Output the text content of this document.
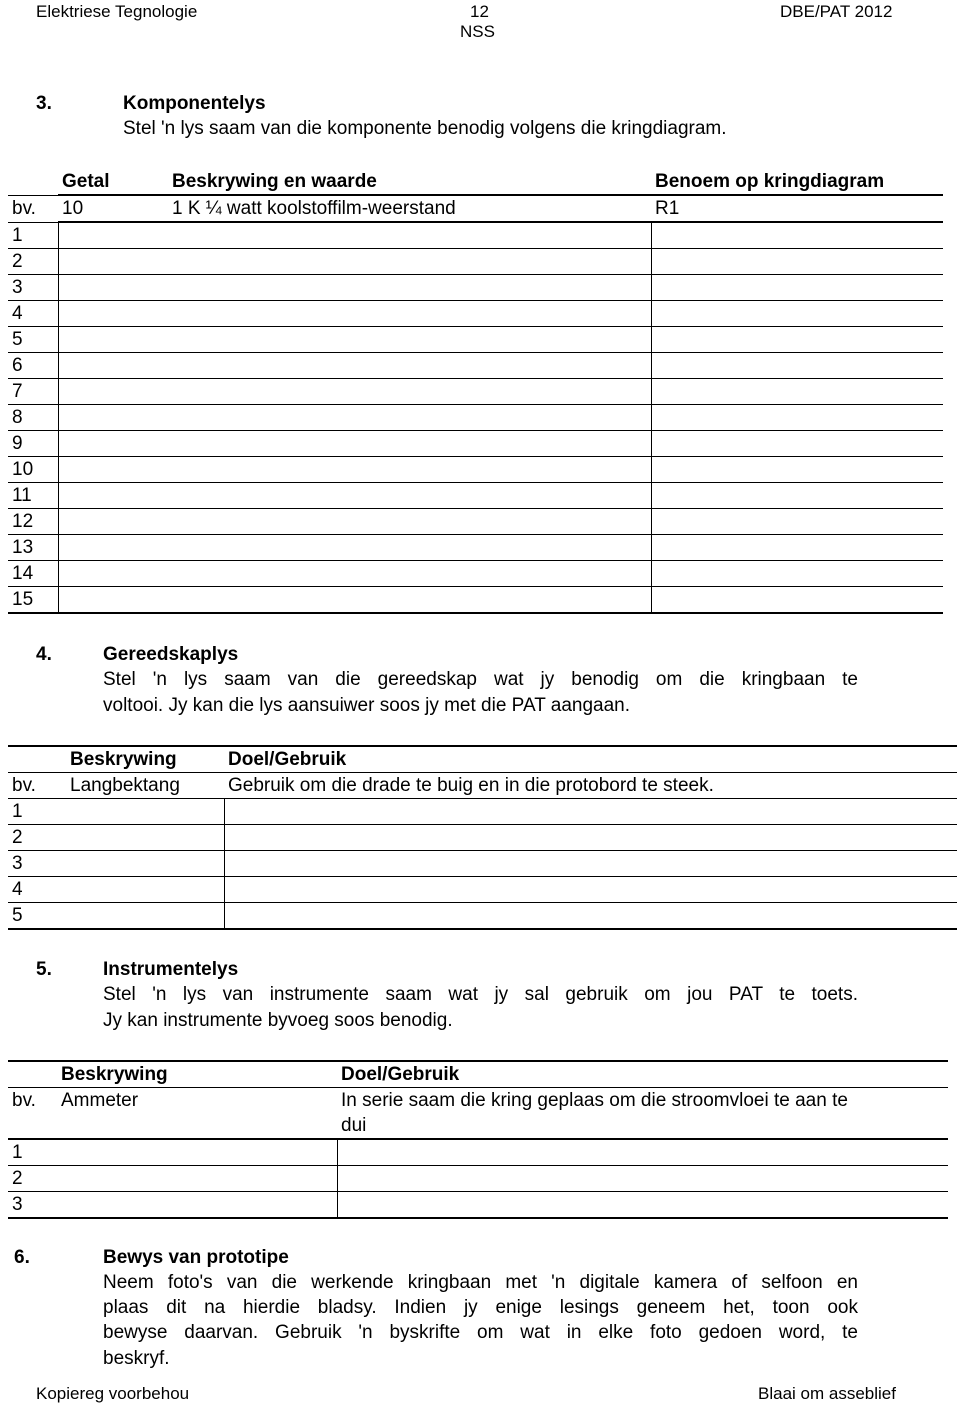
Elektriese Tegnologie	12	DBE/PAT 2012
NSS
3.	Komponentelys
Stel 'n lys saam van die komponente benodig volgens die kringdiagram.
	Getal	Beskrywing en waarde	Benoem op kringdiagram
bv.	10	1 K ¼ watt koolstoffilm-weerstand	R1
1			
2			
3			
4			
5			
6			
7			
8			
9			
10			
11			
12			
13			
14			
15			
4.	Gereedskaplys
Stel 'n lys saam van die gereedskap wat jy benodig om die kringbaan te
voltooi. Jy kan die lys aansuiwer soos jy met die PAT aangaan.
	Beskrywing	Doel/Gebruik
bv.	Langbektang	Gebruik om die drade te buig en in die protobord te steek.
1		
2		
3		
4		
5		
5.	Instrumentelys
Stel 'n lys van instrumente saam wat jy sal gebruik om jou PAT te toets.
Jy kan instrumente byvoeg soos benodig.
	Beskrywing	Doel/Gebruik
bv.	Ammeter	In serie saam die kring geplaas om die stroomvloei te aan te
dui

1		
2		
3		
6.	Bewys van prototipe
Neem foto's van die werkende kringbaan met 'n digitale kamera of selfoon en
plaas dit na hierdie bladsy. Indien jy enige lesings geneem het, toon ook
bewyse daarvan. Gebruik 'n byskrifte om wat in elke foto gedoen word, te
beskryf.
Kopiereg voorbehou	Blaai om asseblief
